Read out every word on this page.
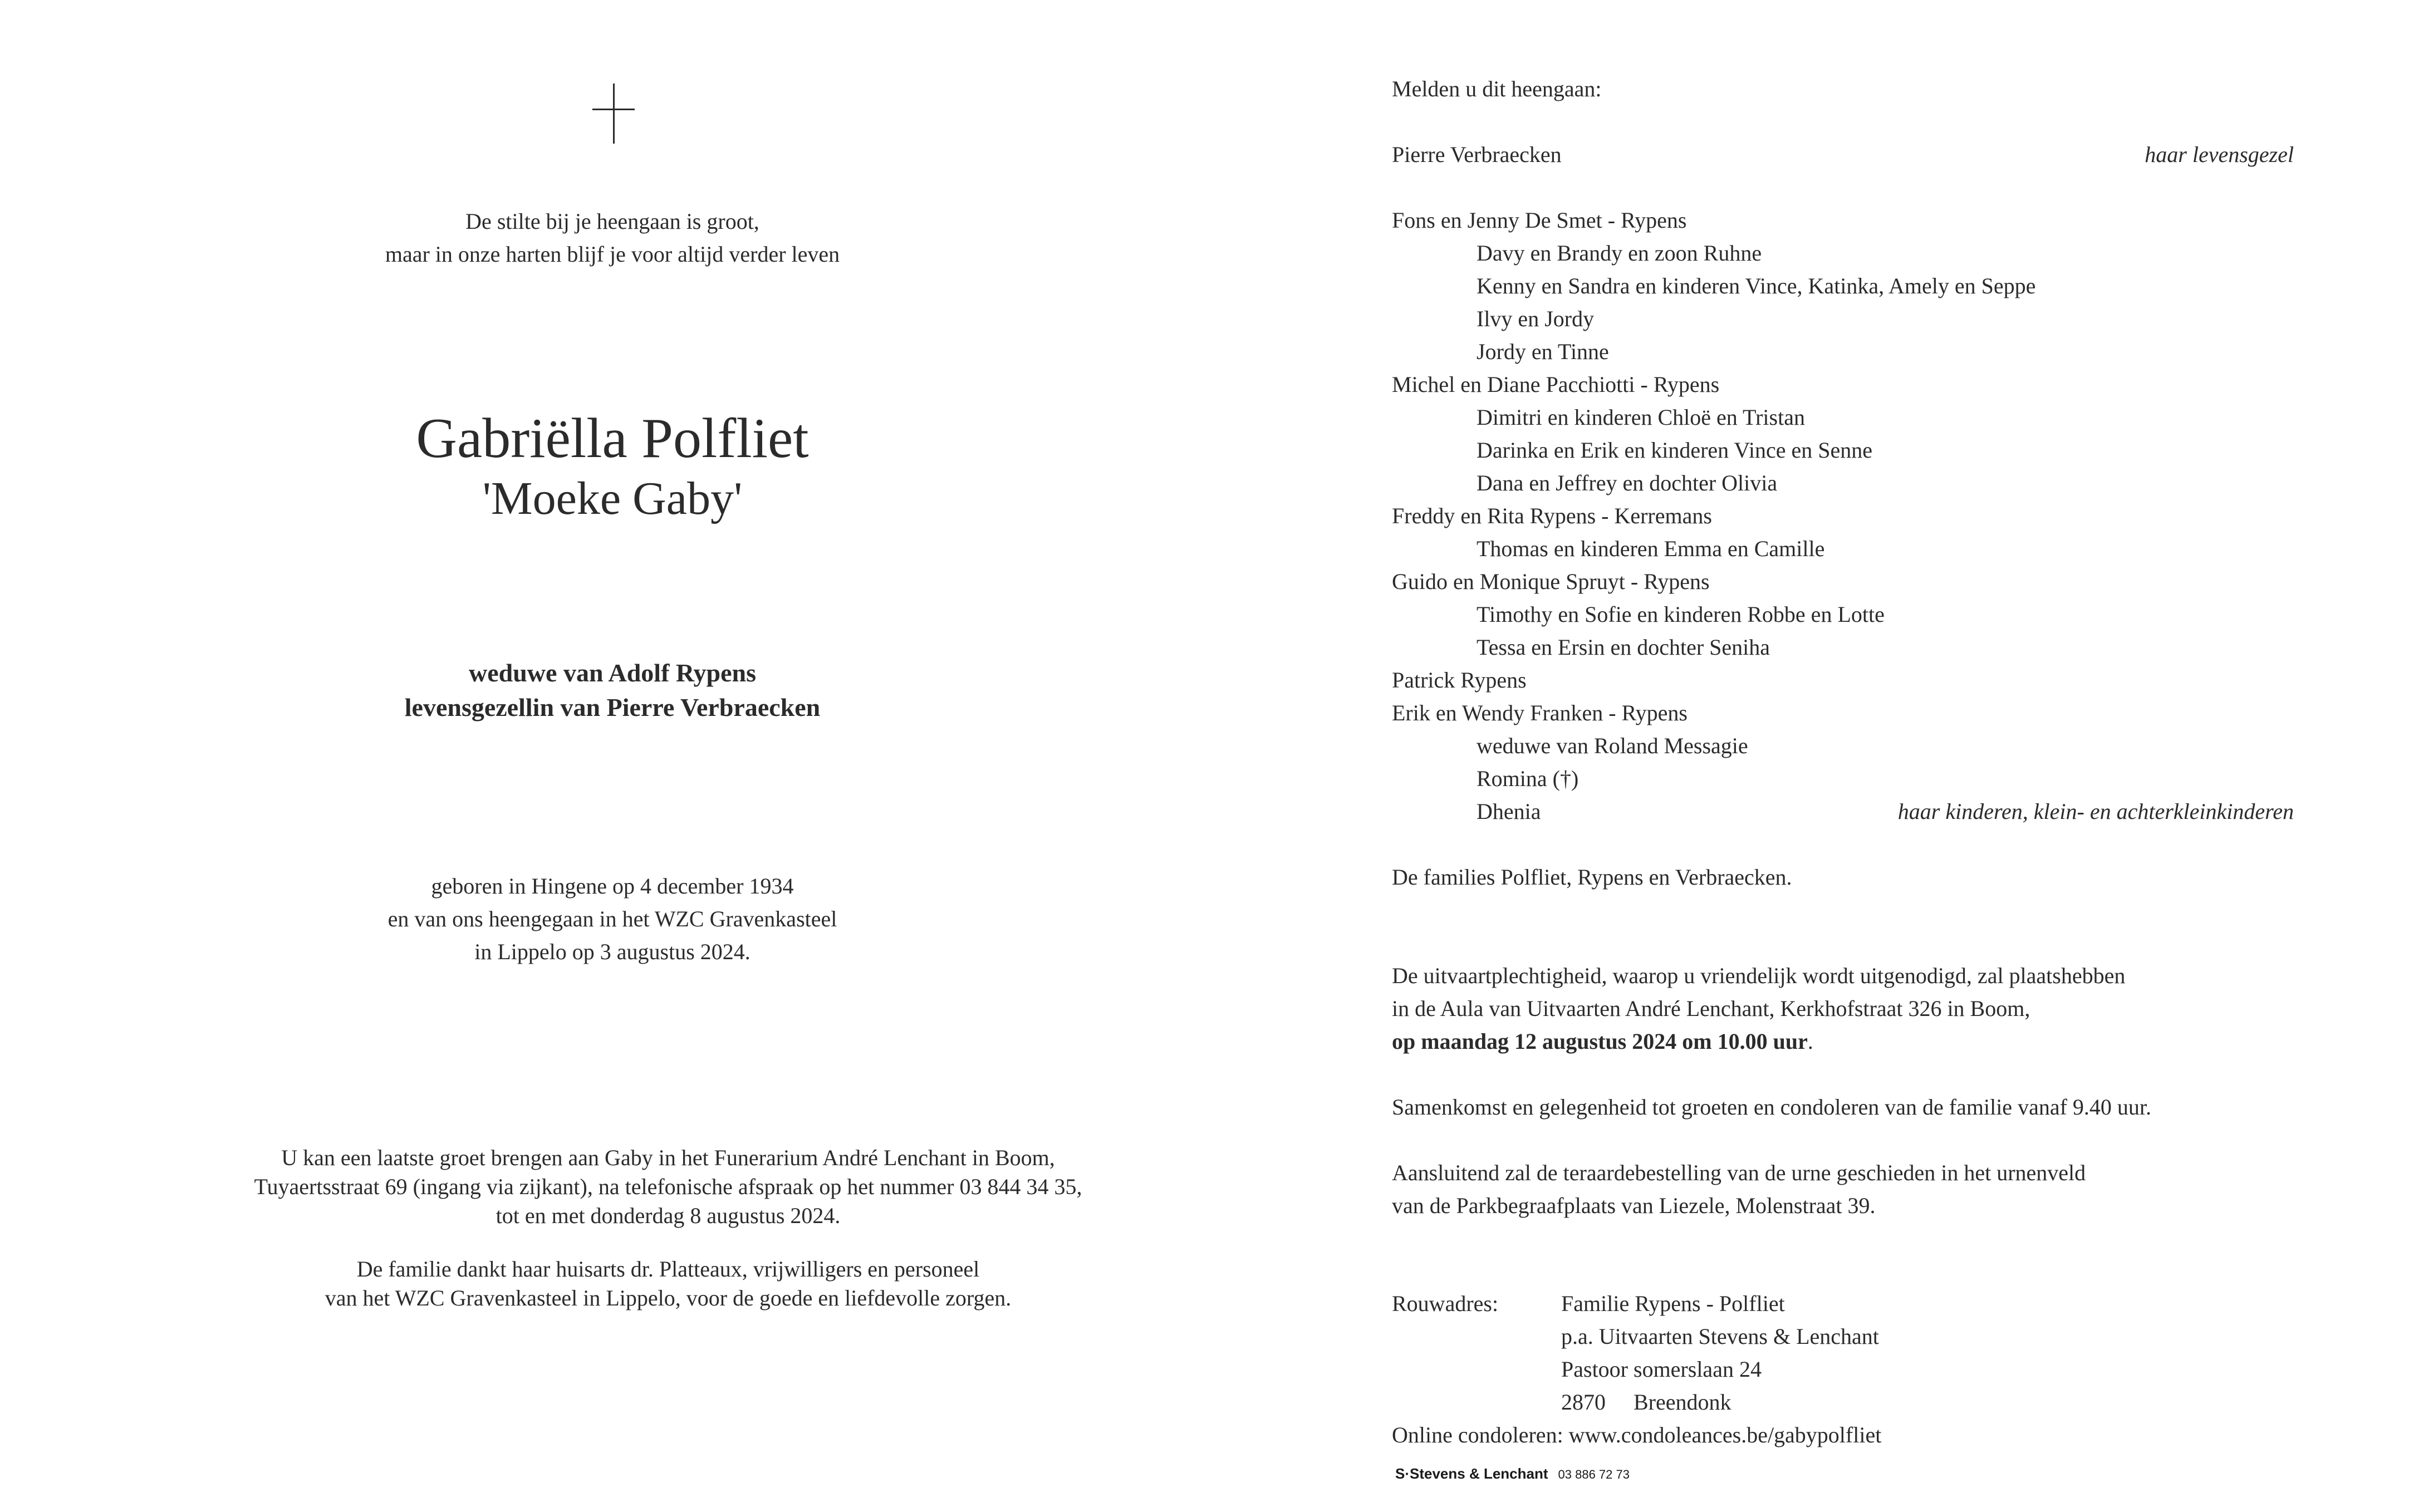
De stilte bij je heengaan is groot,
maar in onze harten blijf je voor altijd verder leven
Gabriëlla Polfliet
'Moeke Gaby'
weduwe van Adolf Rypens
levensgezellin van Pierre Verbraecken
geboren in Hingene op 4 december 1934
en van ons heengegaan in het WZC Gravenkasteel
in Lippelo op 3 augustus 2024.
U kan een laatste groet brengen aan Gaby in het Funerarium André Lenchant in Boom,
Tuyaertsstraat 69 (ingang via zijkant), na telefonische afspraak op het nummer 03 844 34 35,
tot en met donderdag 8 augustus 2024.
De familie dankt haar huisarts dr. Platteaux, vrijwilligers en personeel
van het WZC Gravenkasteel in Lippelo, voor de goede en liefdevolle zorgen.
Melden u dit heengaan:
Pierre Verbraecken	haar levensgezel
Fons en Jenny De Smet - Rypens
Davy en Brandy en zoon Ruhne
Kenny en Sandra en kinderen Vince, Katinka, Amely en Seppe
Ilvy en Jordy
Jordy en Tinne
Michel en Diane Pacchiotti - Rypens
Dimitri en kinderen Chloë en Tristan
Darinka en Erik en kinderen Vince en Senne
Dana en Jeffrey en dochter Olivia
Freddy en Rita Rypens - Kerremans
Thomas en kinderen Emma en Camille
Guido en Monique Spruyt - Rypens
Timothy en Sofie en kinderen Robbe en Lotte
Tessa en Ersin en dochter Seniha
Patrick Rypens
Erik en Wendy Franken - Rypens
weduwe van Roland Messagie
Romina (†)
Dhenia	haar kinderen, klein- en achterkleinkinderen
De families Polfliet, Rypens en Verbraecken.
De uitvaartplechtigheid, waarop u vriendelijk wordt uitgenodigd, zal plaatshebben
in de Aula van Uitvaarten André Lenchant, Kerkhofstraat 326 in Boom,
op maandag 12 augustus 2024 om 10.00 uur.
Samenkomst en gelegenheid tot groeten en condoleren van de familie vanaf 9.40 uur.
Aansluitend zal de teraardebestelling van de urne geschieden in het urnenveld
van de Parkbegraafplaats van Liezele, Molenstraat 39.
Rouwadres:	Familie Rypens - Polfliet
p.a. Uitvaarten Stevens & Lenchant
Pastoor somerslaan 24
2870     Breendonk
Online condoleren: www.condoleances.be/gabypolfliet
S·Stevens & Lenchant 03 886 72 73
